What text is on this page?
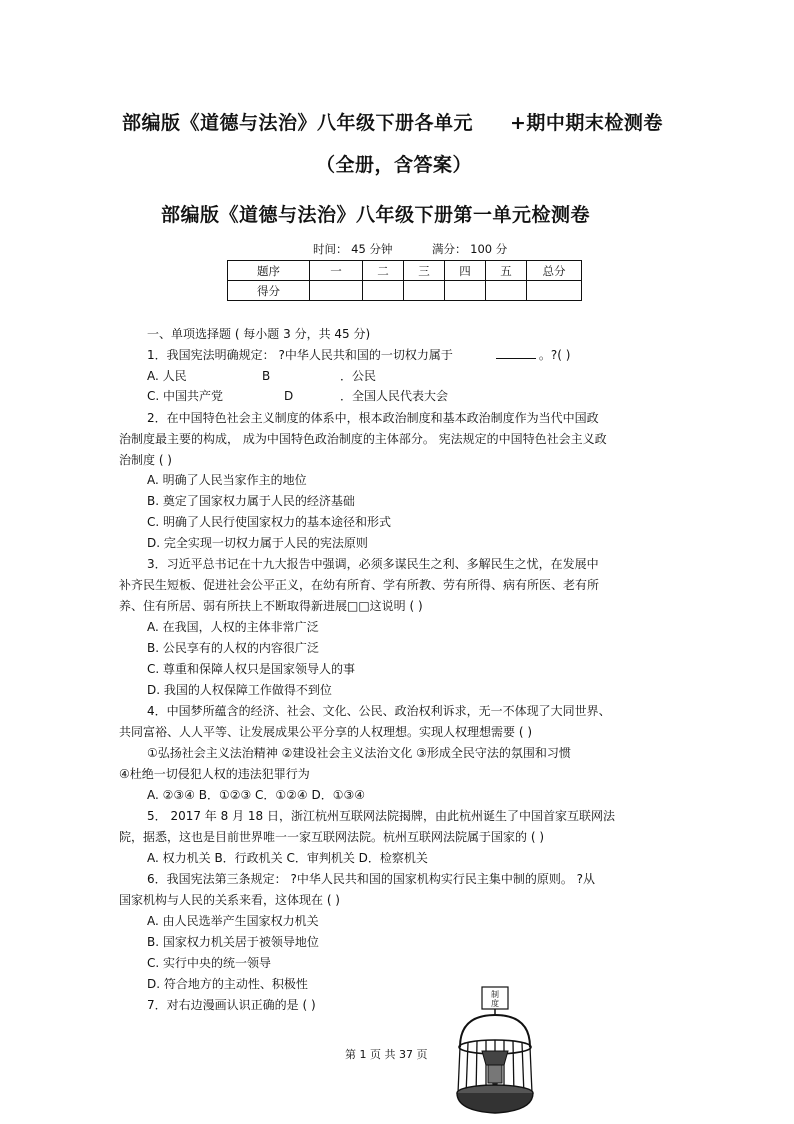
部编版《道德与法治》八年级下册各单元 +期中期末检测卷
（全册，含答案）
部编版《道德与法治》八年级下册第一单元检测卷
时间： 45 分钟	满分： 100 分
题序	一	二	三	四	五	总分
得分						
一、单项选择题 ( 每小题 3 分，共 45 分)
1．我国宪法明确规定： ?中华人民共和国的一切权力属于	。?( )
A. 人民	B	．公民
C. 中国共产党	D	．全国人民代表大会
2．在中国特色社会主义制度的体系中，根本政治制度和基本政治制度作为当代中国政
治制度最主要的构成， 成为中国特色政治制度的主体部分。 宪法规定的中国特色社会主义政
治制度 ( )
A. 明确了人民当家作主的地位
B. 奠定了国家权力属于人民的经济基础
C. 明确了人民行使国家权力的基本途径和形式
D. 完全实现一切权力属于人民的宪法原则
3．习近平总书记在十九大报告中强调，必须多谋民生之利、多解民生之忧，在发展中
补齐民生短板、促进社会公平正义，在幼有所育、学有所教、劳有所得、病有所医、老有所
养、住有所居、弱有所扶上不断取得新进展□□这说明 ( )
A. 在我国，人权的主体非常广泛
B. 公民享有的人权的内容很广泛
C. 尊重和保障人权只是国家领导人的事
D. 我国的人权保障工作做得不到位
4．中国梦所蕴含的经济、社会、文化、公民、政治权利诉求，无一不体现了大同世界、
共同富裕、人人平等、让发展成果公平分享的人权理想。实现人权理想需要 ( )
①弘扬社会主义法治精神 ②建设社会主义法治文化 ③形成全民守法的氛围和习惯
④杜绝一切侵犯人权的违法犯罪行为
A. ②③④ B．①②③ C．①②④ D．①③④
5． 2017 年 8 月 18 日，浙江杭州互联网法院揭牌，由此杭州诞生了中国首家互联网法
院，据悉，这也是目前世界唯一一家互联网法院。杭州互联网法院属于国家的 ( )
A. 权力机关 B．行政机关 C．审判机关 D．检察机关
6．我国宪法第三条规定： ?中华人民共和国的国家机构实行民主集中制的原则。 ?从
国家机构与人民的关系来看，这体现在 ( )
A. 由人民选举产生国家权力机关
B. 国家权力机关居于被领导地位
C. 实行中央的统一领导
D. 符合地方的主动性、积极性
7．对右边漫画认识正确的是 ( )
制
度
第 1 页 共 37 页
